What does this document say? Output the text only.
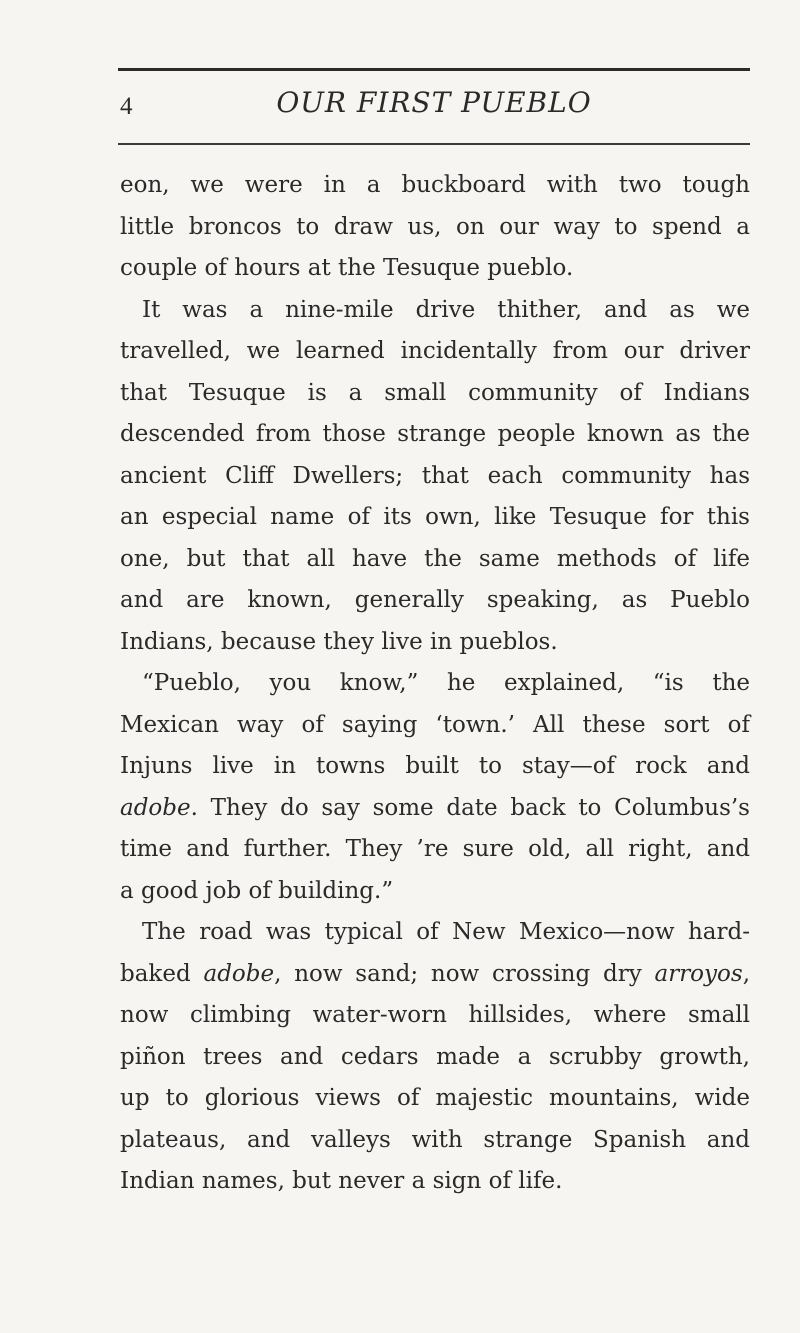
4	OUR FIRST PUEBLO
eon, we were in a buckboard with two tough
little broncos to draw us, on our way to spend a
couple of hours at the Tesuque pueblo.
It was a nine-mile drive thither, and as we
travelled, we learned incidentally from our driver
that Tesuque is a small community of Indians
descended from those strange people known as the
ancient Cliff Dwellers; that each community has
an especial name of its own, like Tesuque for this
one, but that all have the same methods of life
and are known, generally speaking, as Pueblo
Indians, because they live in pueblos.
“Pueblo, you know,” he explained, “is the
Mexican way of saying ‘town.’ All these sort of
Injuns live in towns built to stay—of rock and
adobe. They do say some date back to Columbus’s
time and further. They ’re sure old, all right, and
a good job of building.”
The road was typical of New Mexico—now hard-
baked adobe, now sand; now crossing dry arroyos,
now climbing water-worn hillsides, where small
piñon trees and cedars made a scrubby growth,
up to glorious views of majestic mountains, wide
plateaus, and valleys with strange Spanish and
Indian names, but never a sign of life.
